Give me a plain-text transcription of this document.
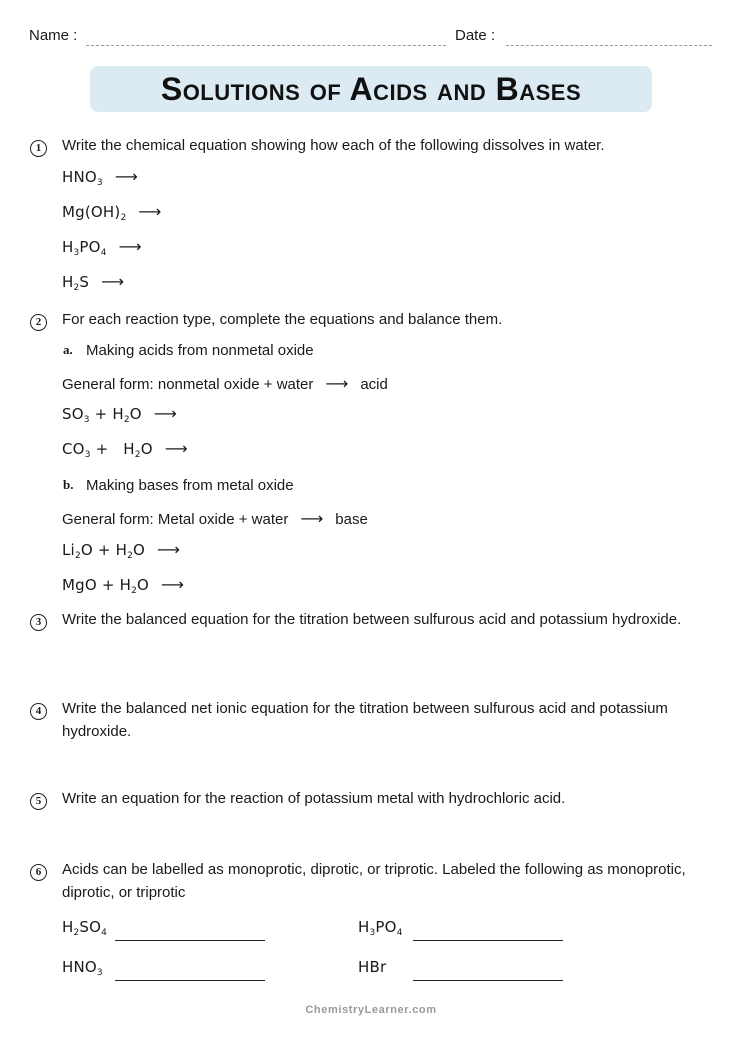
Name :	Date :
Solutions of Acids and Bases
1 Write the chemical equation showing how each of the following dissolves in water.
$HNO_3$ ⟶
$Mg(OH)_2$ ⟶
$H_3PO_4$ ⟶
$H_2S$ ⟶
2 For each reaction type, complete the equations and balance them.
a. Making acids from nonmetal oxide
General form: nonmetal oxide + water ⟶ acid
$SO_3 + H_2O$ ⟶
$CO_3 + H_2O$ ⟶
b. Making bases from metal oxide
General form: Metal oxide + water ⟶ base
$Li_2O + H_2O$ ⟶
MgO + $H_2O$ ⟶
3 Write the balanced equation for the titration between sulfurous acid and potassium hydroxide.
4 Write the balanced net ionic equation for the titration between sulfurous acid and potassium hydroxide.
5 Write an equation for the reaction of potassium metal with hydrochloric acid.
6 Acids can be labelled as monoprotic, diprotic, or triprotic. Labeled the following as monoprotic, diprotic, or triprotic
$H_2SO_4$	$H_3PO_4$
$HNO_3$	HBr
ChemistryLearner.com
